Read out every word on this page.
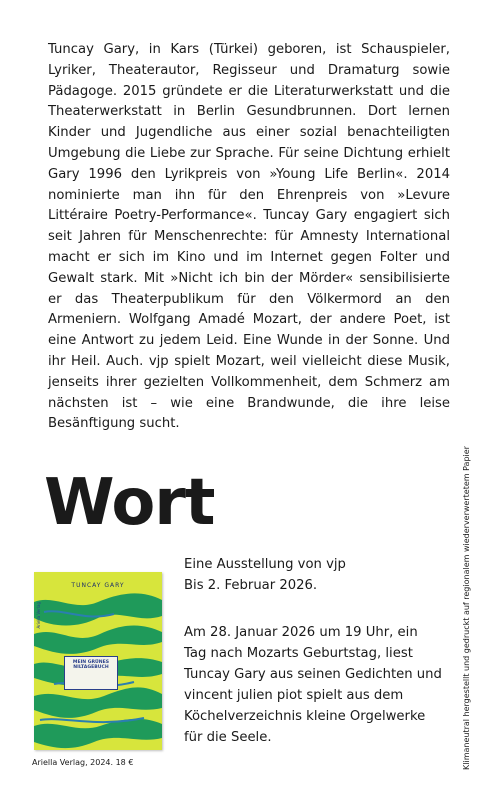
Tuncay Gary, in Kars (Türkei) geboren, ist Schauspieler, Lyriker, Theaterautor, Regisseur und Dramaturg sowie Pädagoge. 2015 gründete er die Literaturwerkstatt und die Theaterwerkstatt in Berlin Gesundbrunnen. Dort lernen Kinder und Jugendliche aus einer sozial benachteiligten Umgebung die Liebe zur Sprache. Für seine Dichtung erhielt Gary 1996 den Lyrikpreis von »Young Life Berlin«. 2014 nominierte man ihn für den Ehrenpreis von »Levure Littéraire Poetry-Performance«. Tuncay Gary engagiert sich seit Jahren für Menschenrechte: für Amnesty International macht er sich im Kino und im Internet gegen Folter und Gewalt stark. Mit »Nicht ich bin der Mörder« sensibilisierte er das Theaterpublikum für den Völkermord an den Armeniern. Wolfgang Amadé Mozart, der andere Poet, ist eine Antwort zu jedem Leid. Eine Wunde in der Sonne. Und ihr Heil. Auch. vjp spielt Mozart, weil vielleicht diese Musik, jenseits ihrer gezielten Vollkommenheit, dem Schmerz am nächsten ist – wie eine Brandwunde, die ihre leise Besänftigung sucht.

Wort
TUNCAY GARY
Ariella Verlag
MEIN GRÜNES
NILTAGEBUCH

Ariella Verlag, 2024. 18 €

Eine Ausstellung von vjp
Bis 2. Februar 2026.

Am 28. Januar 2026 um 19 Uhr, ein Tag nach Mozarts Geburtstag, liest Tuncay Gary aus seinen Gedichten und vincent julien piot spielt aus dem Köchelverzeichnis kleine Orgelwerke für die Seele.	Klimaneutral hergestellt und gedruckt auf regionalem wiederverwertetem Papier
